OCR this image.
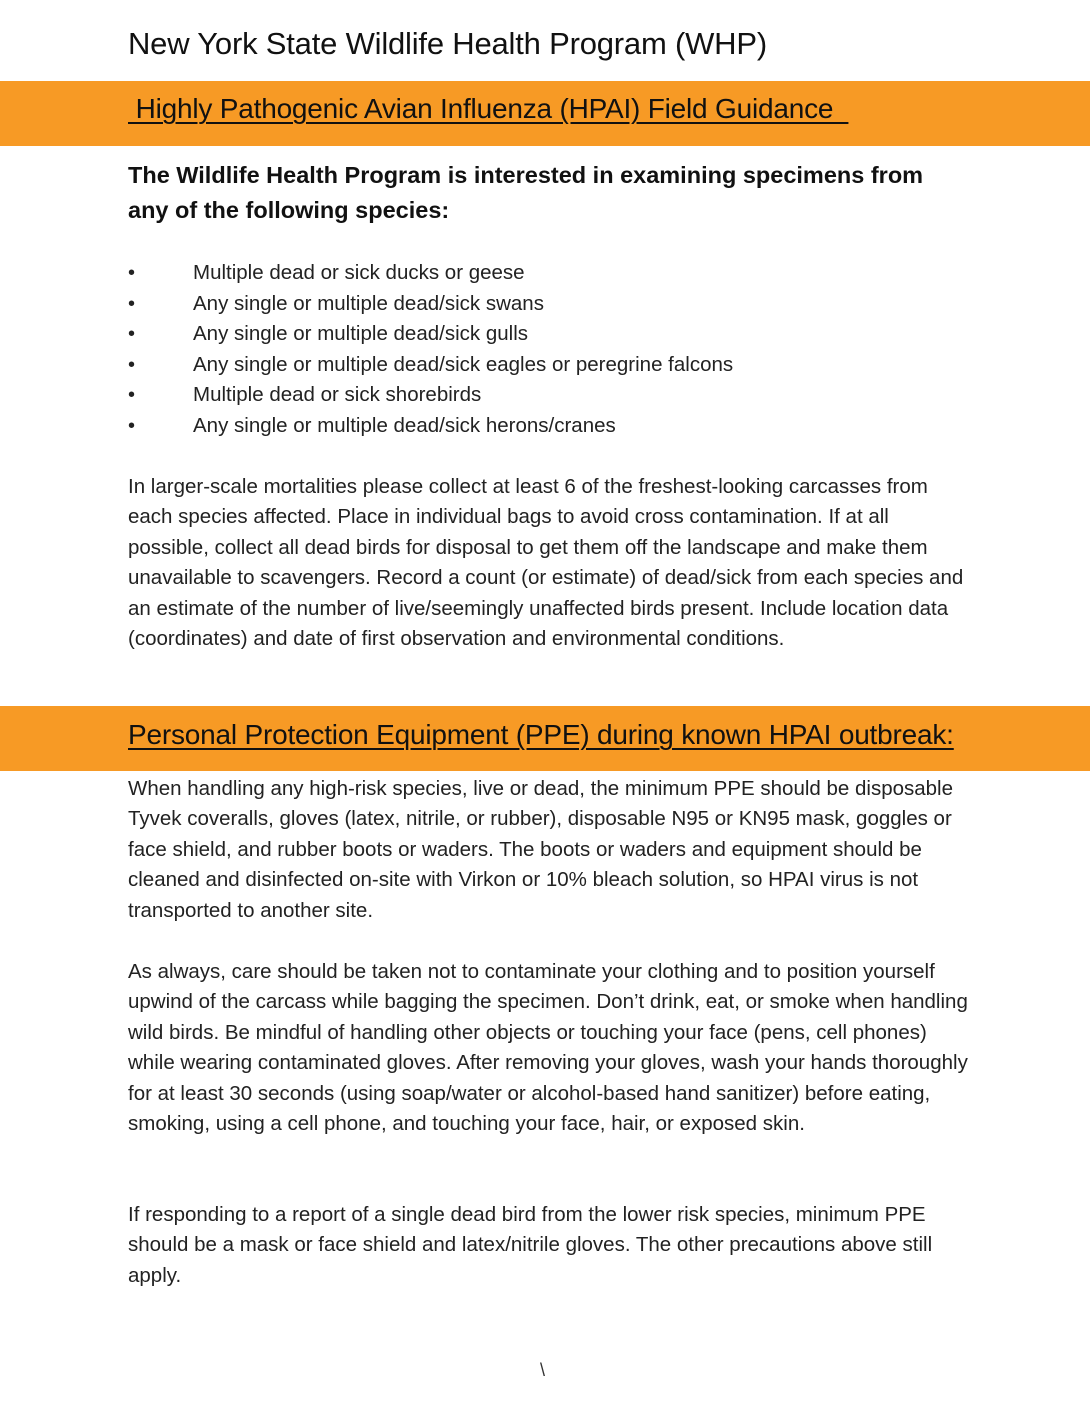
New York State Wildlife Health Program (WHP)
Highly Pathogenic Avian Influenza (HPAI) Field Guidance

The Wildlife Health Program is interested in examining specimens from any of the following species:

•	Multiple dead or sick ducks or geese
•	Any single or multiple dead/sick swans
•	Any single or multiple dead/sick gulls
•	Any single or multiple dead/sick eagles or peregrine falcons
•	Multiple dead or sick shorebirds
•	Any single or multiple dead/sick herons/cranes

In larger-scale mortalities please collect at least 6 of the freshest-looking carcasses from each species affected. Place in individual bags to avoid cross contamination. If at all possible, collect all dead birds for disposal to get them off the landscape and make them unavailable to scavengers. Record a count (or estimate) of dead/sick from each species and an estimate of the number of live/seemingly unaffected birds present. Include location data (coordinates) and date of first observation and environmental conditions.

Personal Protection Equipment (PPE) during known HPAI outbreak:

When handling any high-risk species, live or dead, the minimum PPE should be disposable Tyvek coveralls, gloves (latex, nitrile, or rubber), disposable N95 or KN95 mask, goggles or face shield, and rubber boots or waders. The boots or waders and equipment should be cleaned and disinfected on-site with Virkon or 10% bleach solution, so HPAI virus is not transported to another site.

As always, care should be taken not to contaminate your clothing and to position yourself upwind of the carcass while bagging the specimen. Don’t drink, eat, or smoke when handling wild birds. Be mindful of handling other objects or touching your face (pens, cell phones) while wearing contaminated gloves. After removing your gloves, wash your hands thoroughly for at least 30 seconds (using soap/water or alcohol-based hand sanitizer) before eating, smoking, using a cell phone, and touching your face, hair, or exposed skin.

If responding to a report of a single dead bird from the lower risk species, minimum PPE should be a mask or face shield and latex/nitrile gloves. The other precautions above still apply.

\
